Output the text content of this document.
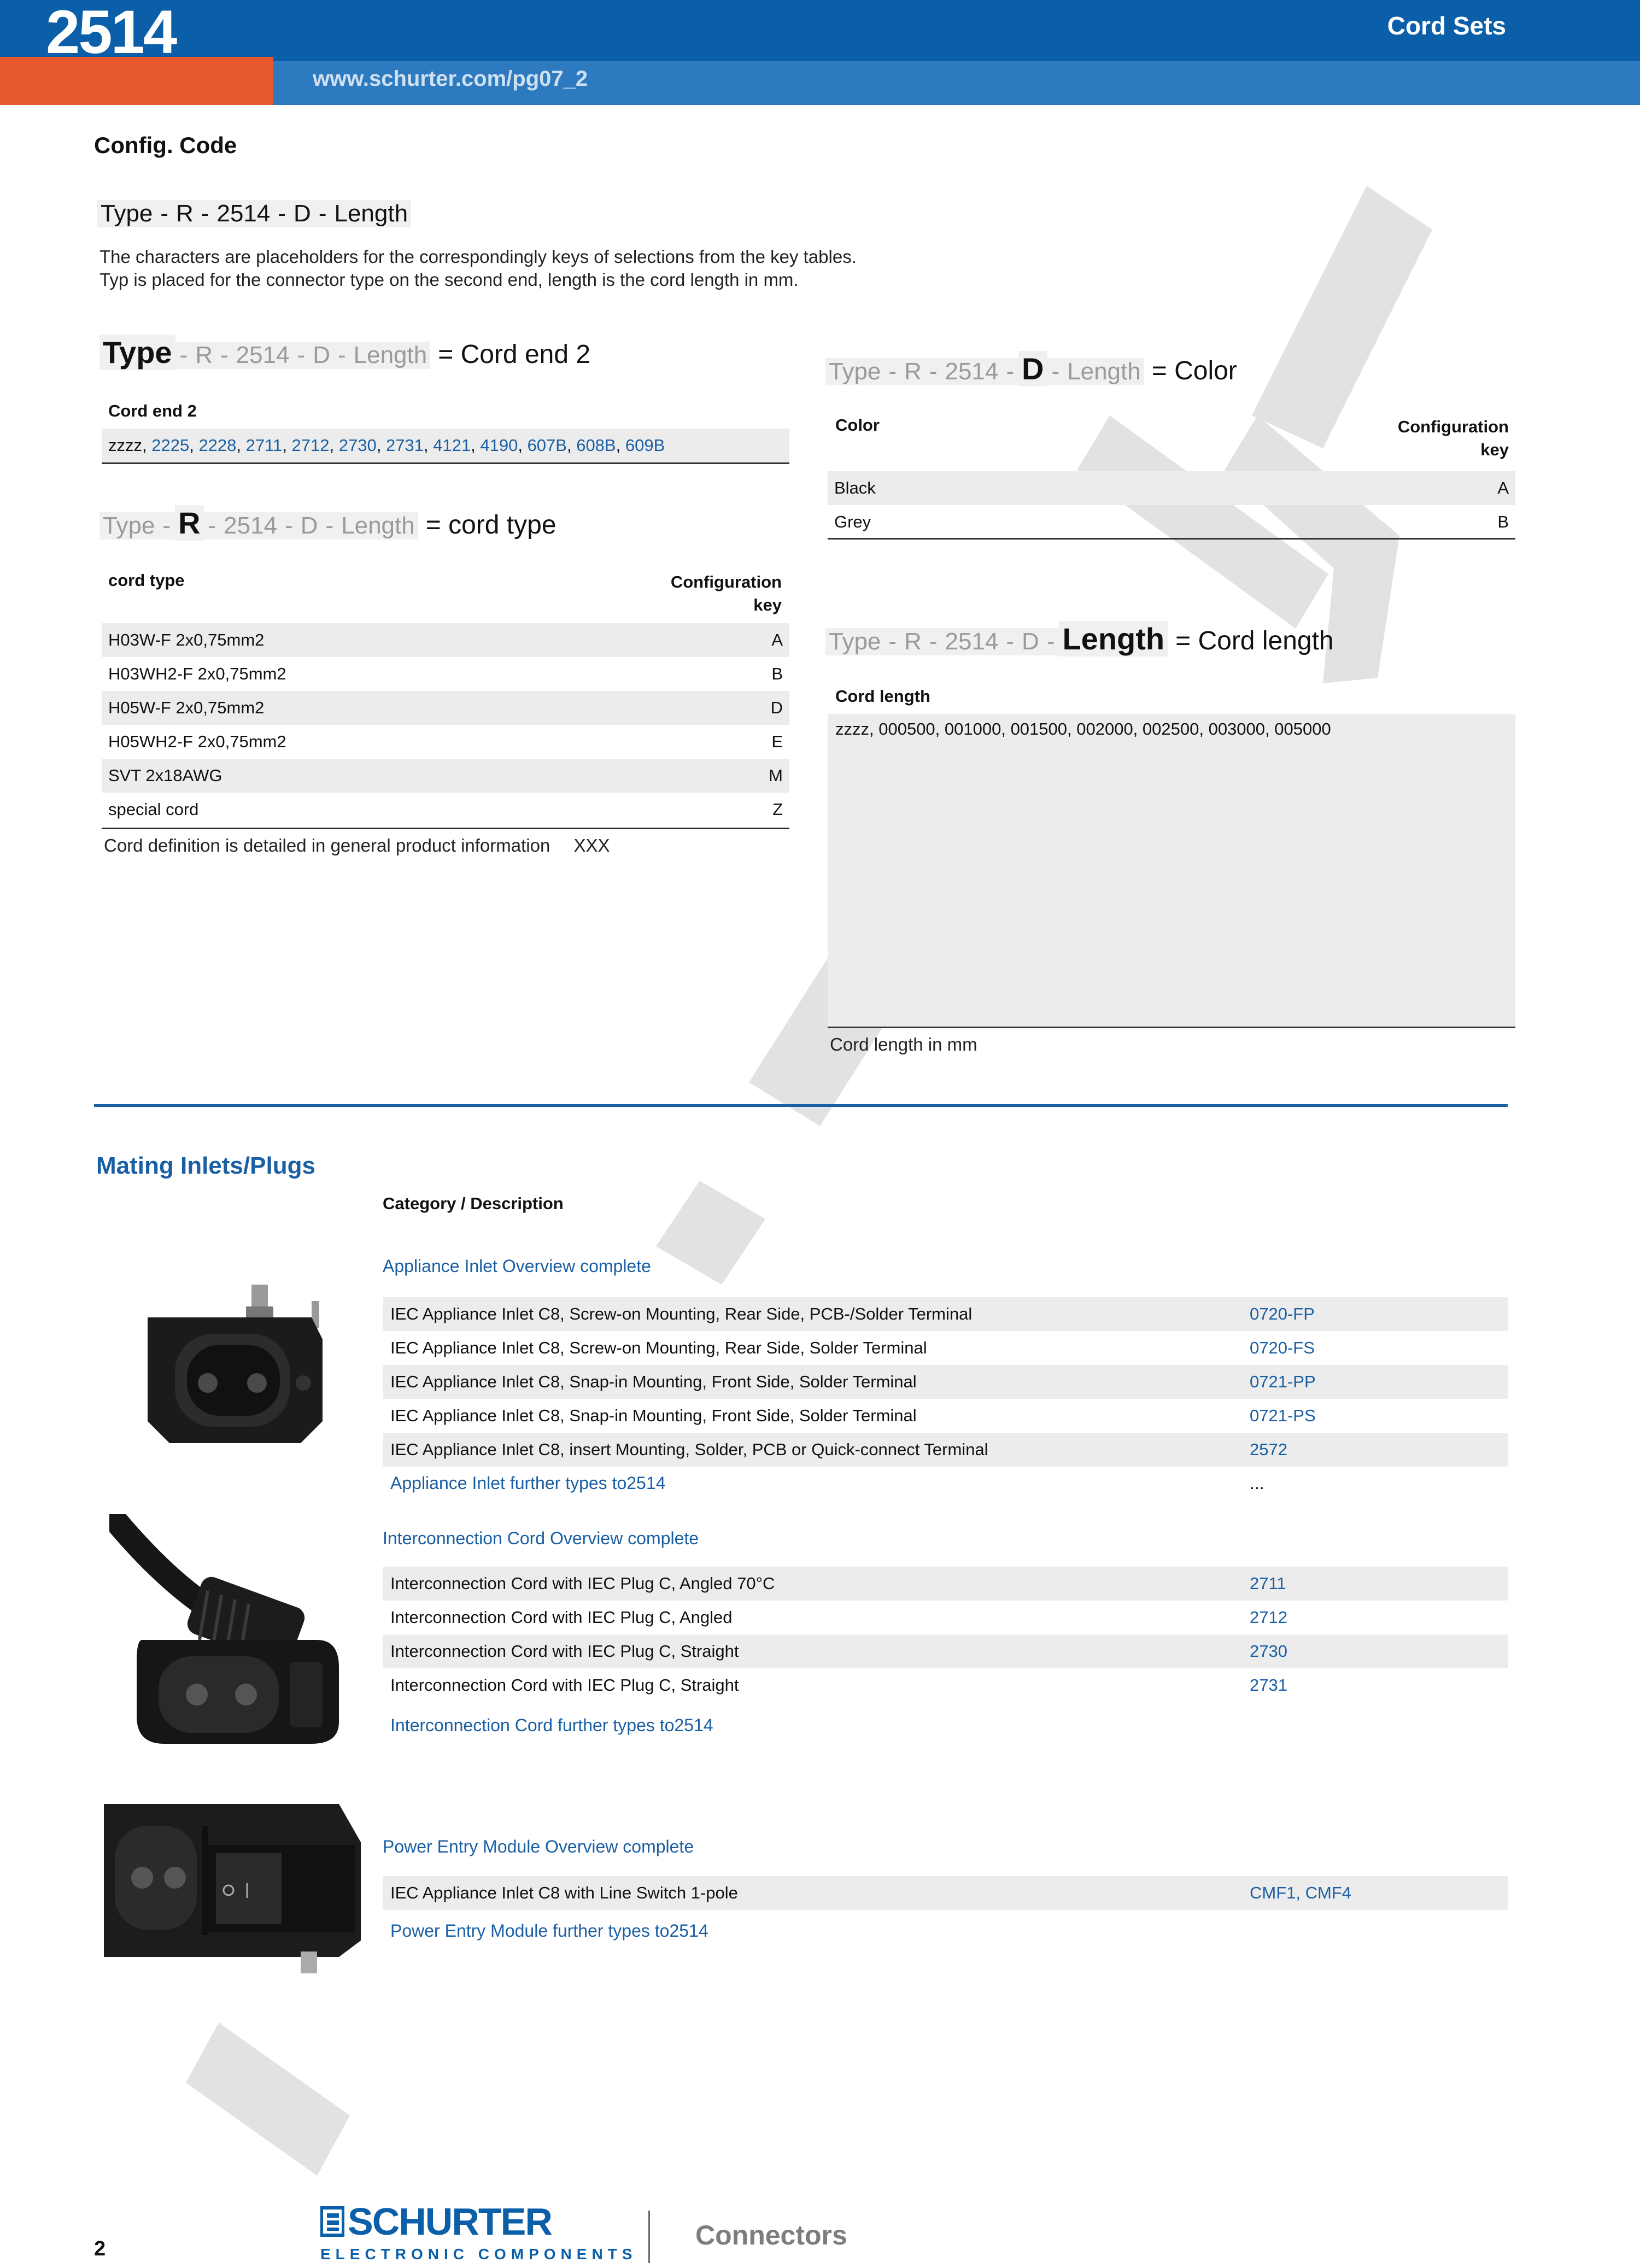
2514	Cord Sets
www.schurter.com/pg07_2
Config. Code
Type - R - 2514 - D - Length
The characters are placeholders for the correspondingly keys of selections from the key tables.
Typ is placed for the connector type on the second end, length is the cord length in mm.
Type - R - 2514 - D - Length = Cord end 2
Cord end 2
zzzz, 2225, 2228, 2711, 2712, 2730, 2731, 4121, 4190, 607B, 608B, 609B
Type - R - 2514 - D - Length = cord type
cord type	Configuration
key
H03W-F 2x0,75mm2	A
H03WH2-F 2x0,75mm2	B
H05W-F 2x0,75mm2	D
H05WH2-F 2x0,75mm2	E
SVT 2x18AWG	M
special cord	Z
Cord definition is detailed in general product information XXX
Type - R - 2514 - D - Length = Color
Color	Configuration
key
Black	A
Grey	B
Type - R - 2514 - D - Length = Cord length
Cord length
zzzz, 000500, 001000, 001500, 002000, 002500, 003000, 005000
Cord length in mm
Mating Inlets/Plugs
Category / Description
Appliance Inlet Overview complete
Interconnection Cord Overview complete
Power Entry Module Overview complete
IEC Appliance Inlet C8, Screw-on Mounting, Rear Side, PCB-/Solder Terminal	0720-FP
IEC Appliance Inlet C8, Screw-on Mounting, Rear Side, Solder Terminal	0720-FS
IEC Appliance Inlet C8, Snap-in Mounting, Front Side, Solder Terminal	0721-PP
IEC Appliance Inlet C8, Snap-in Mounting, Front Side, Solder Terminal	0721-PS
IEC Appliance Inlet C8, insert Mounting, Solder, PCB or Quick-connect Terminal	2572
Interconnection Cord with IEC Plug C, Angled 70°C	2711
Interconnection Cord with IEC Plug C, Angled	2712
Interconnection Cord with IEC Plug C, Straight	2730
Interconnection Cord with IEC Plug C, Straight	2731
IEC Appliance Inlet C8 with Line Switch 1-pole	CMF1, CMF4
Appliance Inlet further types to2514	...
Interconnection Cord further types to2514
Power Entry Module further types to2514
2
SCHURTER
ELECTRONIC COMPONENTS
Connectors
